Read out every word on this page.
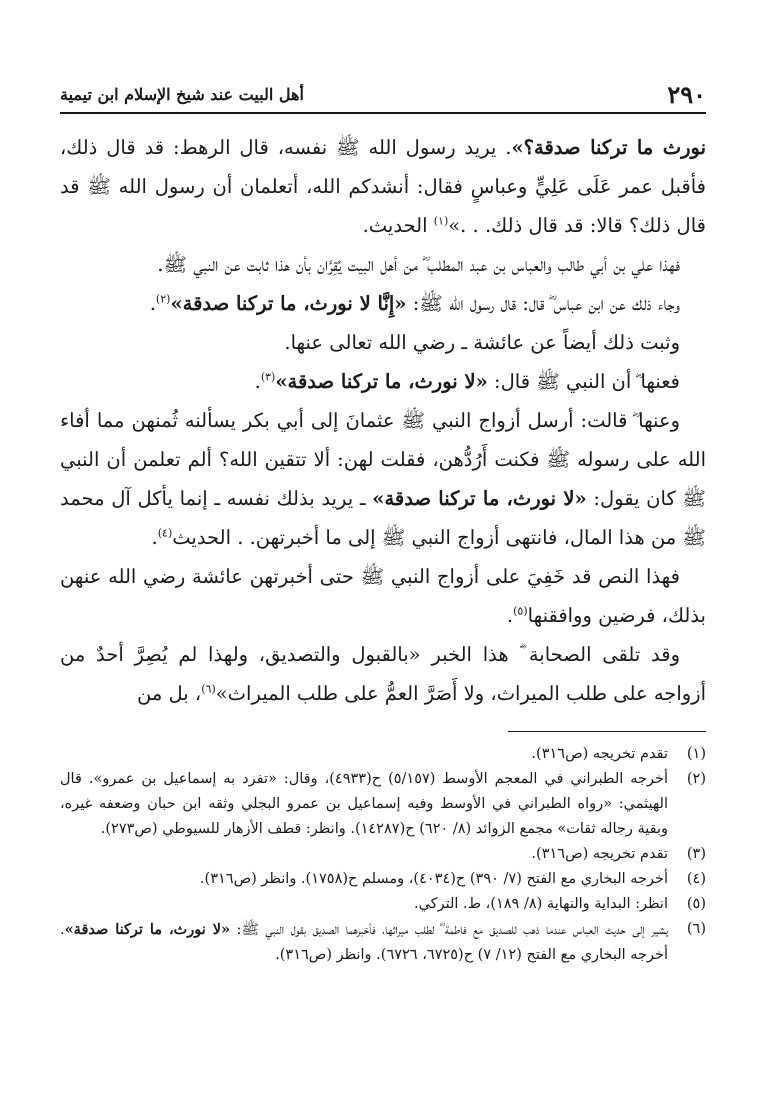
٢٩٠
أهل البيت عند شيخ الإسلام ابن تيمية

نورث ما تركنا صدقة؟». يريد رسول الله ﷺ نفسه، قال الرهط: قد قال ذلك، فأقبل عمر عَلَى عَلِيٍّ وعباسٍ فقال: أنشدكم الله، أتعلمان أن رسول الله ﷺ قد قال ذلك؟ قالا: قد قال ذلك. . .»$^{(١)}$ الحديث.

فهذا علي بن أبي طالب والعباس بن عبد المطلب ؓ من أهل البيت يُقِرَّان بأن هذا ثابت عن النبي ﷺ.

وجاء ذلك عن ابن عباس ؓ قال: قال رسول الله ﷺ: «إِنَّا لا نورث، ما تركنا صدقة»$^{(٢)}$.

وثبت ذلك أيضاً عن عائشة ـ رضي الله تعالى عنها.

فعنها ؓ أن النبي ﷺ قال: «لا نورث، ما تركنا صدقة»$^{(٣)}$.

وعنها ؓ قالت: أرسل أزواج النبي ﷺ عثمانَ إلى أبي بكر يسألنه ثُمنهن مما أفاء الله على رسوله ﷺ فكنت أَرُدُّهن، فقلت لهن: ألا تتقين الله؟ ألم تعلمن أن النبي ﷺ كان يقول: «لا نورث، ما تركنا صدقة» ـ يريد بذلك نفسه ـ إنما يأكل آل محمد ﷺ من هذا المال، فانتهى أزواج النبي ﷺ إلى ما أخبرتهن. . الحديث$^{(٤)}$.

فهذا النص قد خَفِيَ على أزواج النبي ﷺ حتى أخبرتهن عائشة رضي الله عنهن بذلك، فرضين ووافقنها$^{(٥)}$.

وقد تلقى الصحابة ؓ هذا الخبر «بالقبول والتصديق، ولهذا لم يُصِرَّ أحدٌ من أزواجه على طلب الميراث، ولا أَصَرَّ العمُّ على طلب الميراث»$^{(٦)}$، بل من

(١)
تقدم تخريجه (ص٣١٦).
(٢)
أخرجه الطبراني في المعجم الأوسط (٥/١٥٧) ح(٤٩٣٣)، وقال: «تفرد به إسماعيل بن عمرو». قال الهيثمي: «رواه الطبراني في الأوسط وفيه إسماعيل بن عمرو البجلي وثقه ابن حبان وضعفه غيره، وبقية رجاله ثقات» مجمع الزوائد (٨/ ٦٢٠) ح(١٤٢٨٧). وانظر: قطف الأزهار للسيوطي (ص٢٧٣).
(٣)
تقدم تخريجه (ص٣١٦).
(٤)
أخرجه البخاري مع الفتح (٧/ ٣٩٠) ح(٤٠٣٤)، ومسلم ح(١٧٥٨). وانظر (ص٣١٦).
(٥)
انظر: البداية والنهاية (٨/ ١٨٩)، ط. التركي.
(٦)
يشير إلى حديث العباس عندما ذهب للصديق مع فاطمة ؓ لطلب ميراثها، فأخبرهما الصديق بقول النبي ﷺ: «لا نورث، ما تركنا صدقة». أخرجه البخاري مع الفتح (١٢/ ٧) ح(٦٧٢٥، ٦٧٢٦). وانظر (ص٣١٦).
